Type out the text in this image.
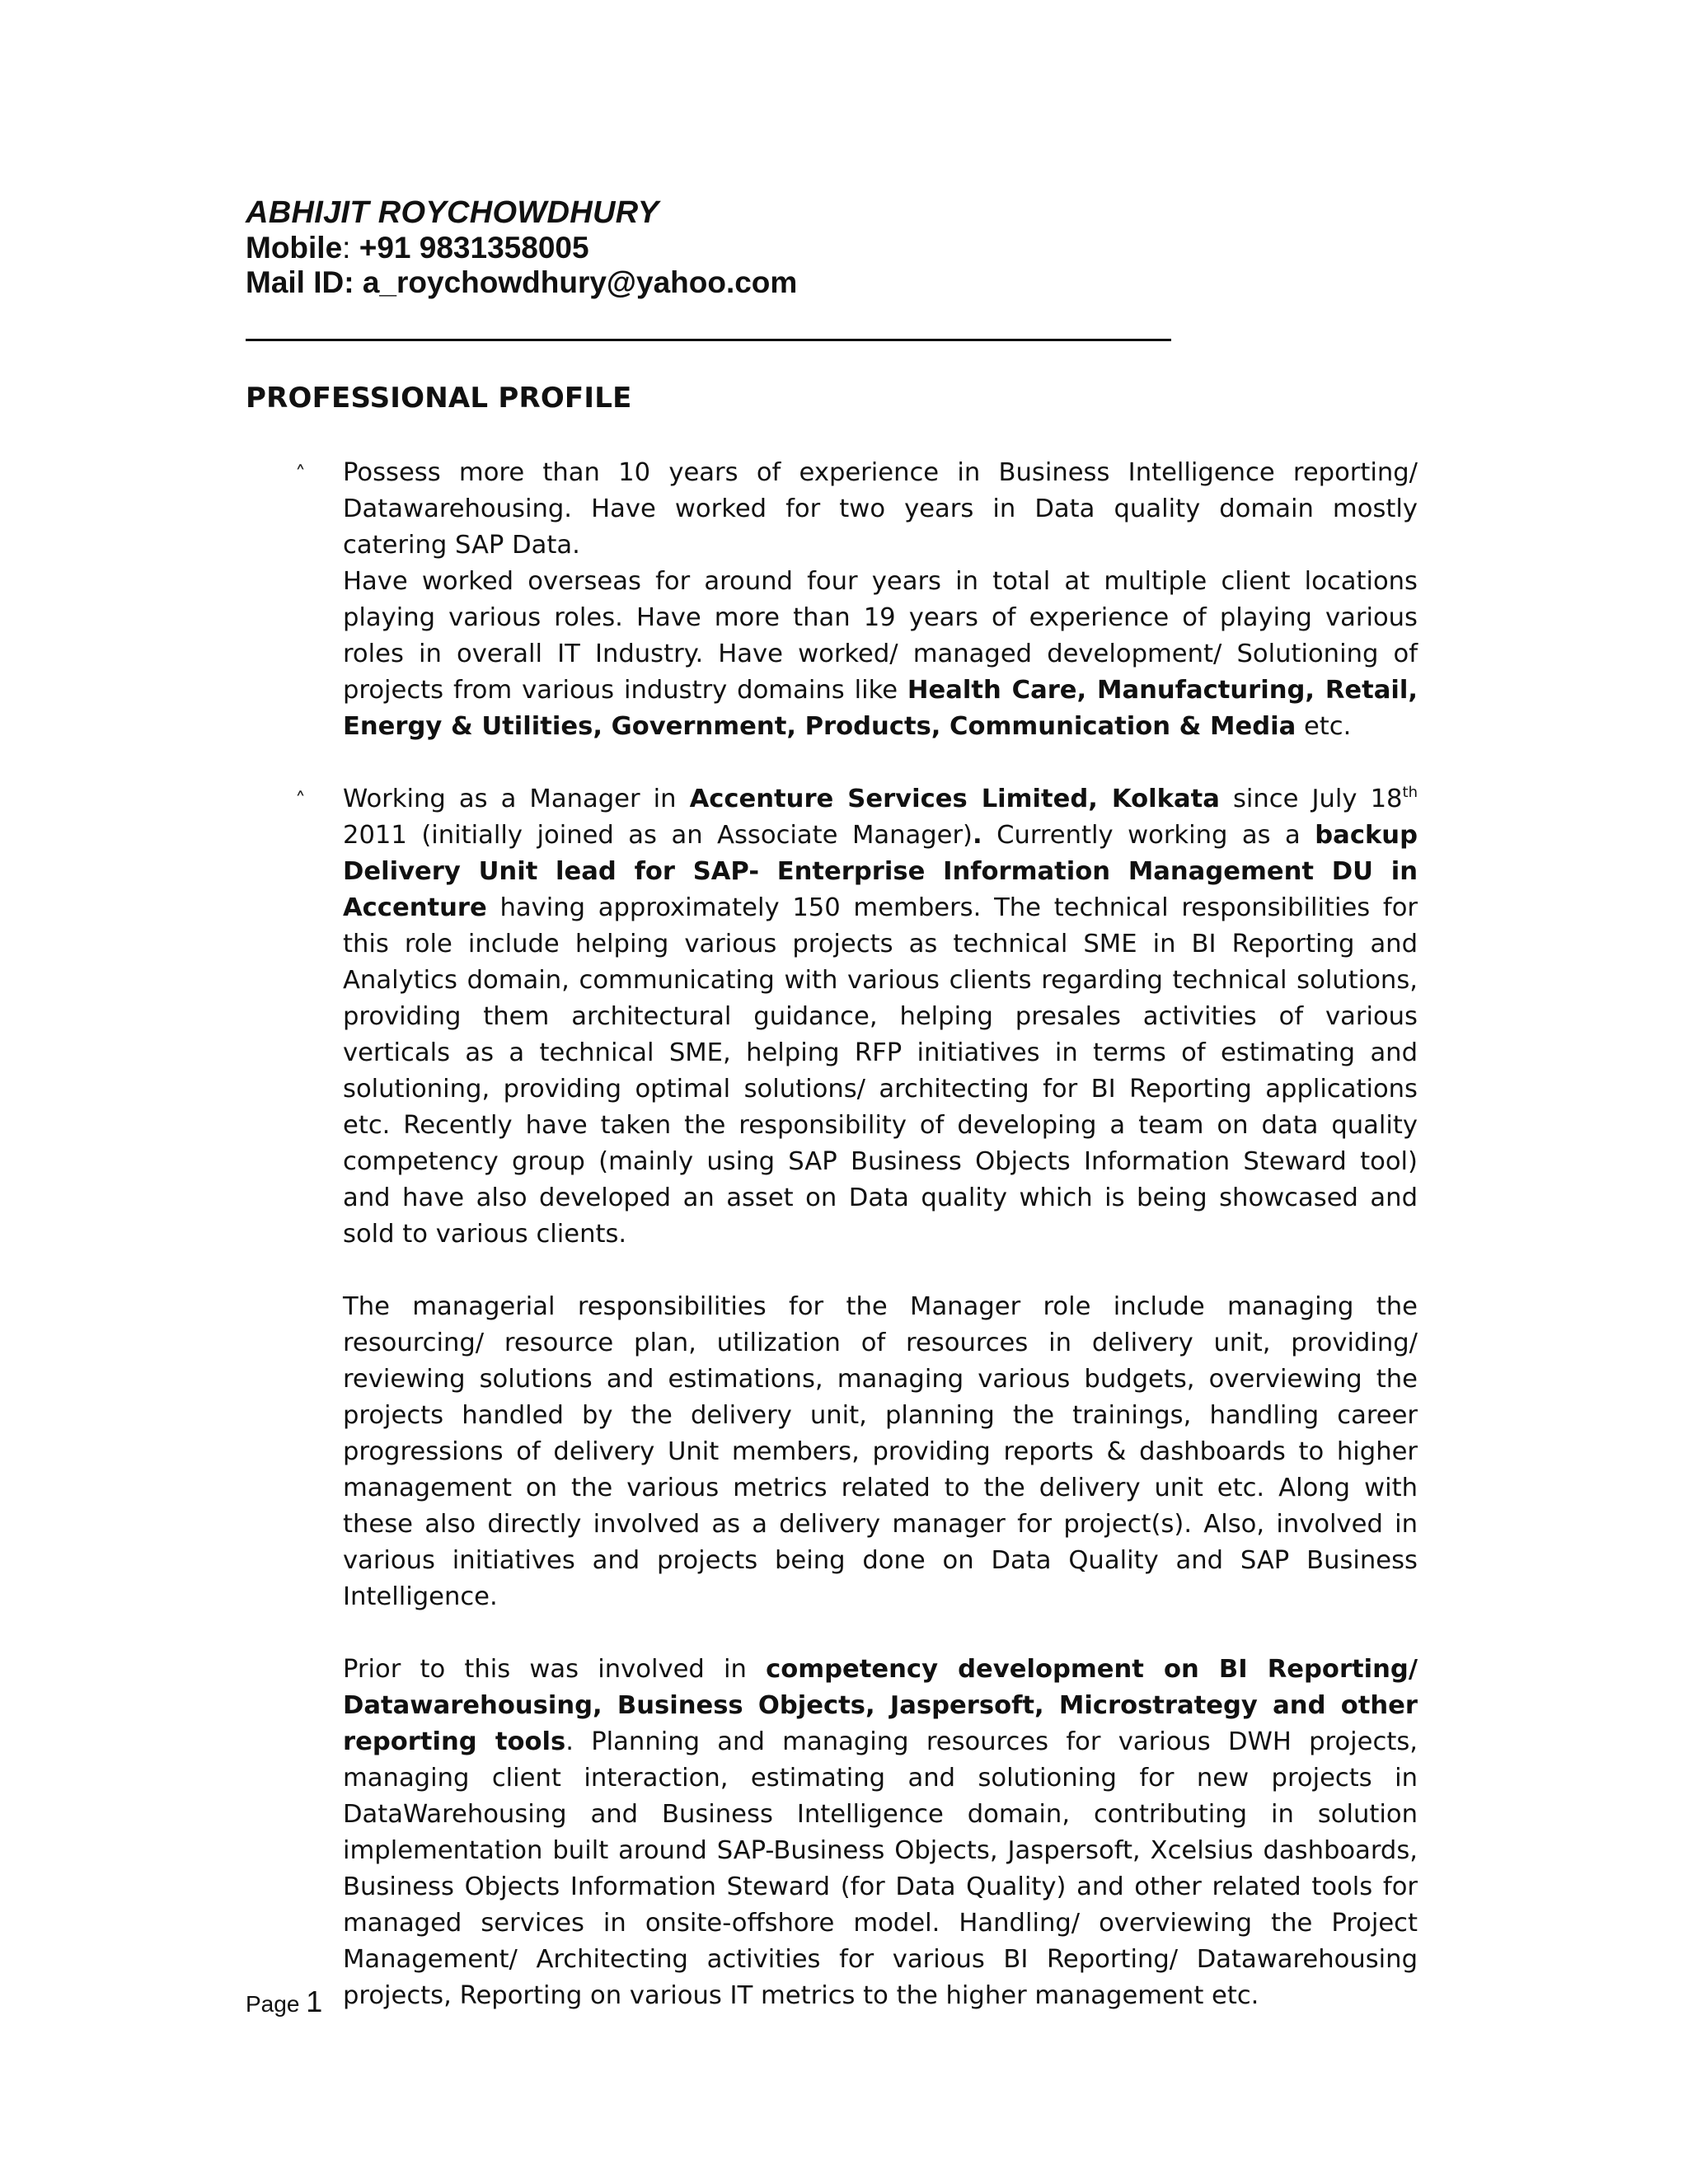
ABHIJIT ROYCHOWDHURY

Mobile: +91 9831358005

Mail ID: a_roychowdhury@yahoo.com

PROFESSIONAL PROFILE

˄ Possess more than 10 years of experience in Business Intelligence reporting/ Datawarehousing. Have worked for two years in Data quality domain mostly catering SAP Data.

Have worked overseas for around four years in total at multiple client locations playing various roles. Have more than 19 years of experience of playing various roles in overall IT Industry. Have worked/ managed development/ Solutioning of projects from various industry domains like Health Care, Manufacturing, Retail, Energy & Utilities, Government, Products, Communication & Media etc.

˄ Working as a Manager in Accenture Services Limited, Kolkata since July 18th 2011 (initially joined as an Associate Manager). Currently working as a backup Delivery Unit lead for SAP- Enterprise Information Management DU in Accenture having approximately 150 members. The technical responsibilities for this role include helping various projects as technical SME in BI Reporting and Analytics domain, communicating with various clients regarding technical solutions, providing them architectural guidance, helping presales activities of various verticals as a technical SME, helping RFP initiatives in terms of estimating and solutioning, providing optimal solutions/ architecting for BI Reporting applications etc. Recently have taken the responsibility of developing a team on data quality competency group (mainly using SAP Business Objects Information Steward tool) and have also developed an asset on Data quality which is being showcased and sold to various clients.

The managerial responsibilities for the Manager role include managing the resourcing/ resource plan, utilization of resources in delivery unit, providing/ reviewing solutions and estimations, managing various budgets, overviewing the projects handled by the delivery unit, planning the trainings, handling career progressions of delivery Unit members, providing reports & dashboards to higher management on the various metrics related to the delivery unit etc. Along with these also directly involved as a delivery manager for project(s). Also, involved in various initiatives and projects being done on Data Quality and SAP Business Intelligence.

Prior to this was involved in competency development on BI Reporting/ Datawarehousing, Business Objects, Jaspersoft, Microstrategy and other reporting tools. Planning and managing resources for various DWH projects, managing client interaction, estimating and solutioning for new projects in DataWarehousing and Business Intelligence domain, contributing in solution implementation built around SAP-Business Objects, Jaspersoft, Xcelsius dashboards, Business Objects Information Steward (for Data Quality) and other related tools for managed services in onsite-offshore model. Handling/ overviewing the Project Management/ Architecting activities for various BI Reporting/ Datawarehousing projects, Reporting on various IT metrics to the higher management etc.

Page 1
